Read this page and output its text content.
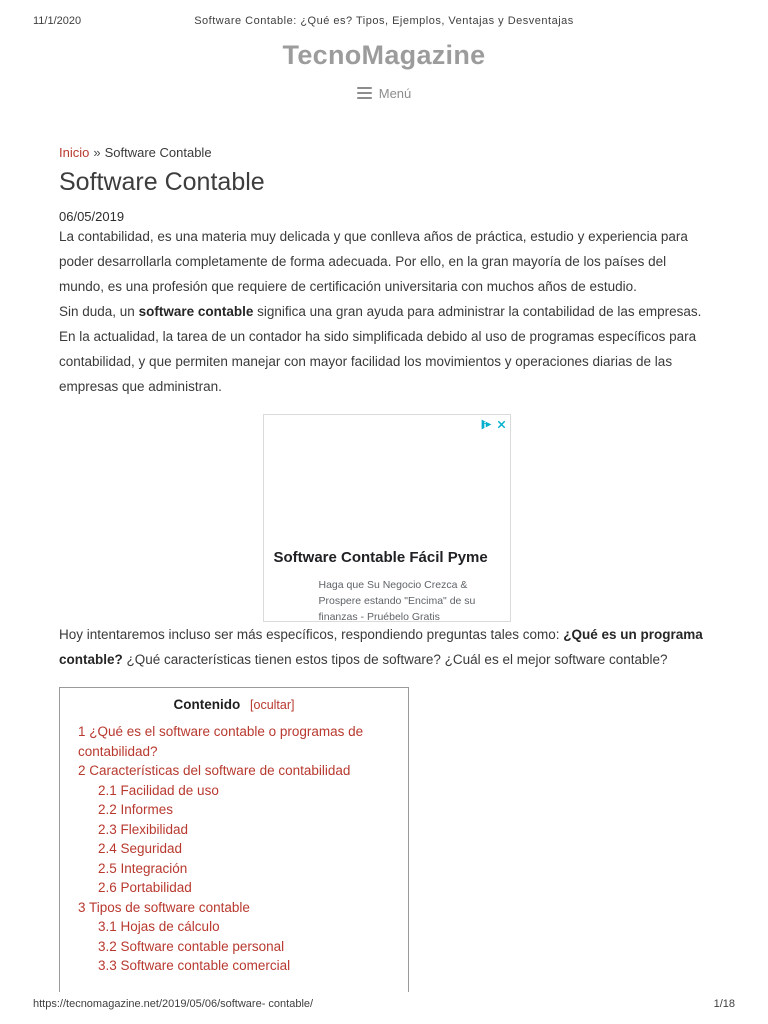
11/1/2020	Software Contable: ¿Qué es? Tipos, Ejemplos, Ventajas y Desventajas
TecnoMagazine
Menú
Inicio » Software Contable
Software Contable
06/05/2019

La contabilidad, es una materia muy delicada y que conlleva años de práctica, estudio y experiencia para poder desarrollarla completamente de forma adecuada. Por ello, en la gran mayoría de los países del mundo, es una profesión que requiere de certificación universitaria con muchos años de estudio.

Sin duda, un software contable significa una gran ayuda para administrar la contabilidad de las empresas. En la actualidad, la tarea de un contador ha sido simplificada debido al uso de programas específicos para contabilidad, y que permiten manejar con mayor facilidad los movimientos y operaciones diarias de las empresas que administran.

Software Contable Fácil Pyme
Haga que Su Negocio Crezca & Prospere estando "Encima" de su finanzas - Pruébelo Gratis

Hoy intentaremos incluso ser más específicos, respondiendo preguntas tales como: ¿Qué es un programa contable? ¿Qué características tienen estos tipos de software? ¿Cuál es el mejor software contable?

Contenido [ocultar]
1 ¿Qué es el software contable o programas de contabilidad?
2 Características del software de contabilidad
2.1 Facilidad de uso
2.2 Informes
2.3 Flexibilidad
2.4 Seguridad
2.5 Integración
2.6 Portabilidad
3 Tipos de software contable
3.1 Hojas de cálculo
3.2 Software contable personal
3.3 Software contable comercial
https://tecnomagazine.net/2019/05/06/software- contable/	1/18
